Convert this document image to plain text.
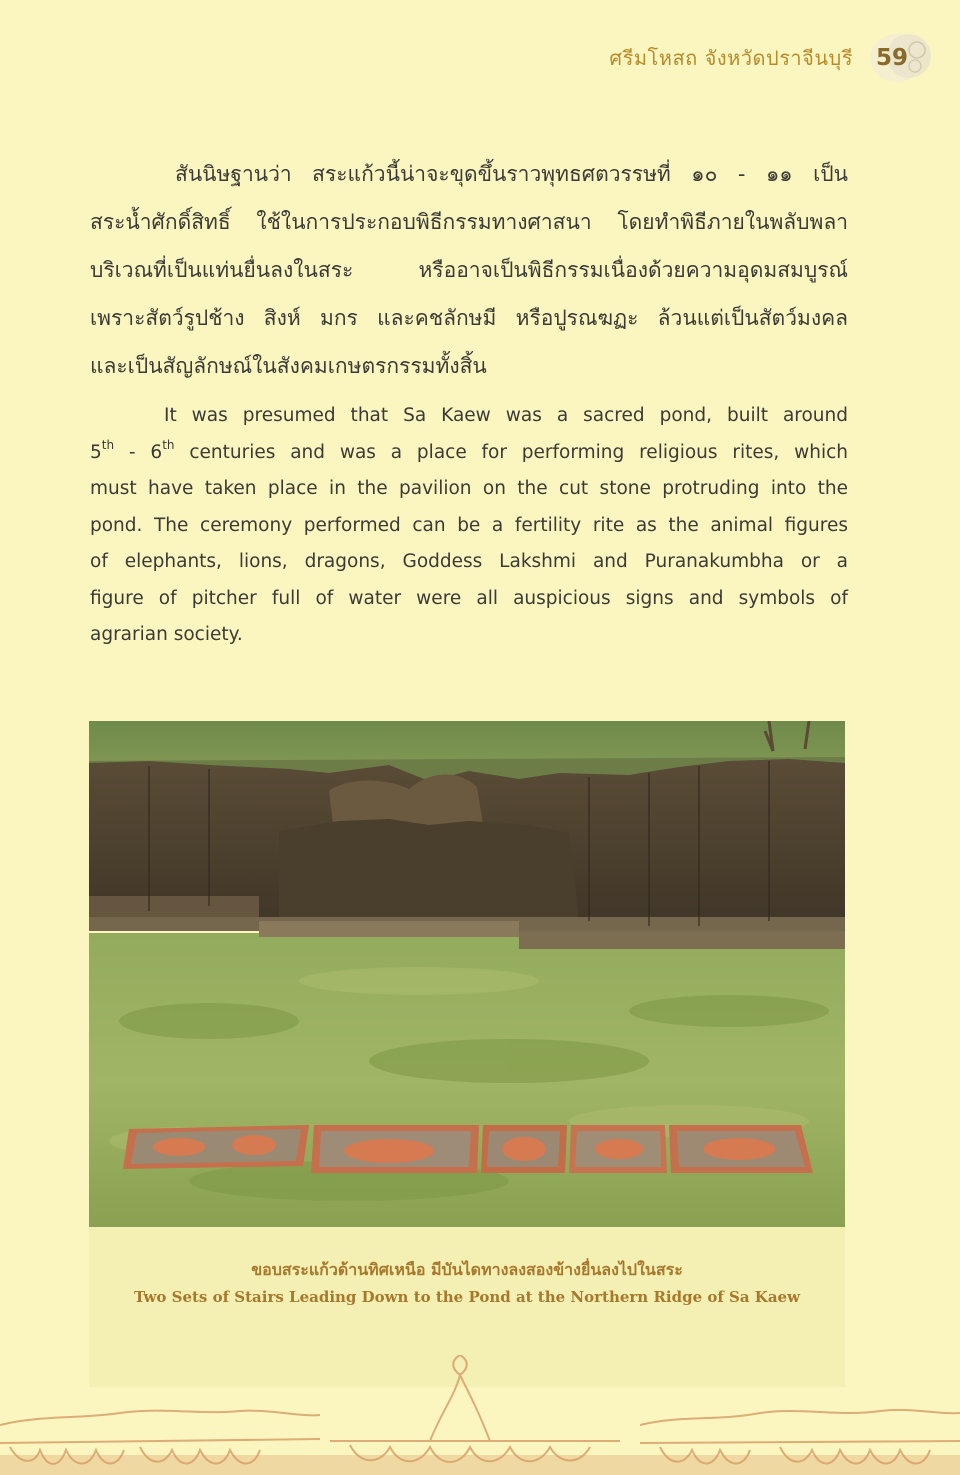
ศรีมโหสถ จังหวัดปราจีนบุรี 59
สันนิษฐานว่า สระแก้วนี้น่าจะขุดขึ้นราวพุทธศตวรรษที่ ๑๐ - ๑๑ เป็น
สระน้ำศักดิ์สิทธิ์ ใช้ในการประกอบพิธีกรรมทางศาสนา โดยทำพิธีภายในพลับพลา
บริเวณที่เป็นแท่นยื่นลงในสระ หรืออาจเป็นพิธีกรรมเนื่องด้วยความอุดมสมบูรณ์
เพราะสัตว์รูปช้าง สิงห์ มกร และคชลักษมี หรือปูรณฆฏะ ล้วนแต่เป็นสัตว์มงคล
และเป็นสัญลักษณ์ในสังคมเกษตรกรรมทั้งสิ้น
It was presumed that Sa Kaew was a sacred pond, built around
5th - 6th centuries and was a place for performing religious rites, which
must have taken place in the pavilion on the cut stone protruding into the
pond. The ceremony performed can be a fertility rite as the animal figures
of elephants, lions, dragons, Goddess Lakshmi and Puranakumbha or a
figure of pitcher full of water were all auspicious signs and symbols of
agrarian society.
ขอบสระแก้วด้านทิศเหนือ มีบันไดทางลงสองข้างยื่นลงไปในสระ
Two Sets of Stairs Leading Down to the Pond at the Northern Ridge of Sa Kaew
